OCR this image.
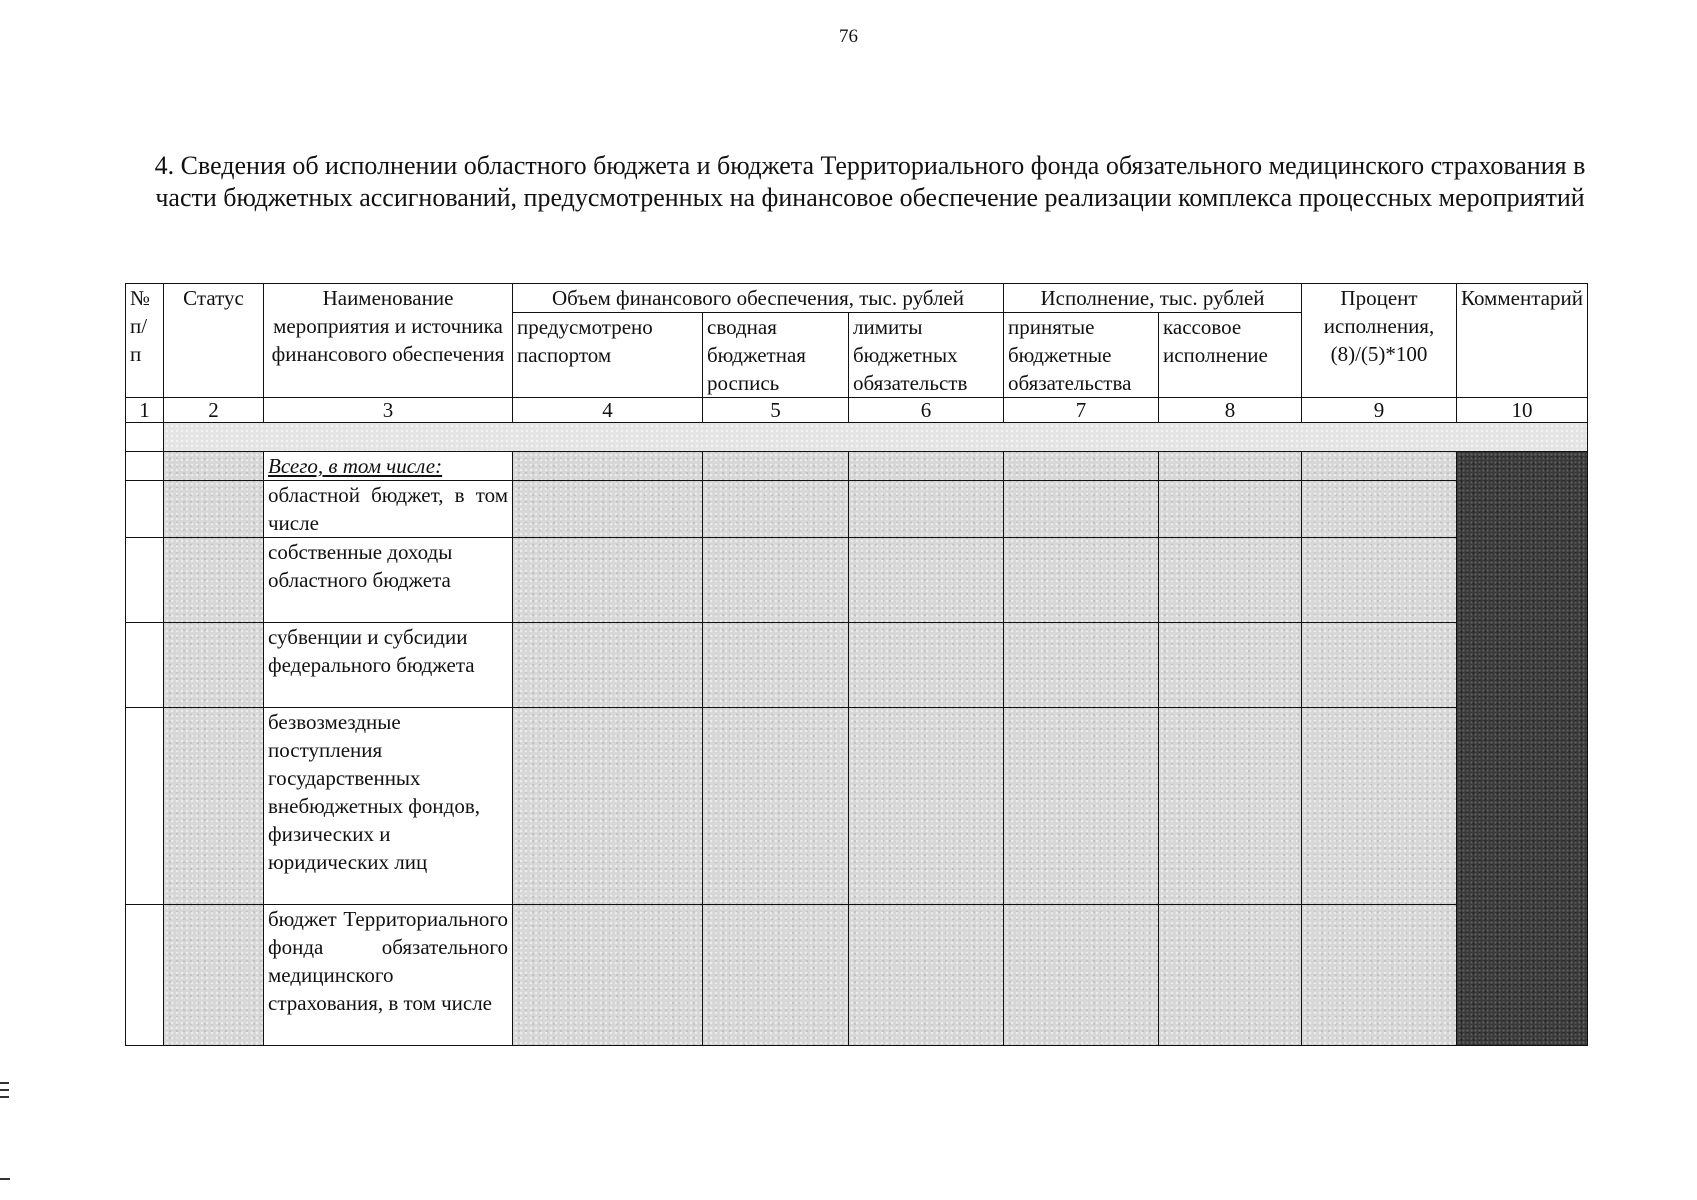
76
4. Сведения об исполнении областного бюджета и бюджета Территориального фонда обязательного медицинского страхования в части бюджетных ассигнований, предусмотренных на финансовое обеспечение реализации комплекса процессных мероприятий
№ п/ п	Статус	Наименование мероприятия и источника финансового обеспечения	Объем финансового обеспечения, тыс. рублей			Исполнение, тыс. рублей		Процент исполнения, (8)/(5)*100	Комментарий
			предусмотрено паспортом	сводная бюджетная роспись	лимиты бюджетных обязательств	принятые бюджетные обязательства	кассовое исполнение		
1	2	3	4	5	6	7	8	9	10

		Всего, в том числе:							
		областной бюджет, в том числе							
		собственные доходы областного бюджета							
		субвенции и субсидии федерального бюджета							
		безвозмездные поступления государственных внебюджетных фондов, физических и юридических лиц							
		бюджет Территориального фонда обязательного медицинского страхования, в том числе							
